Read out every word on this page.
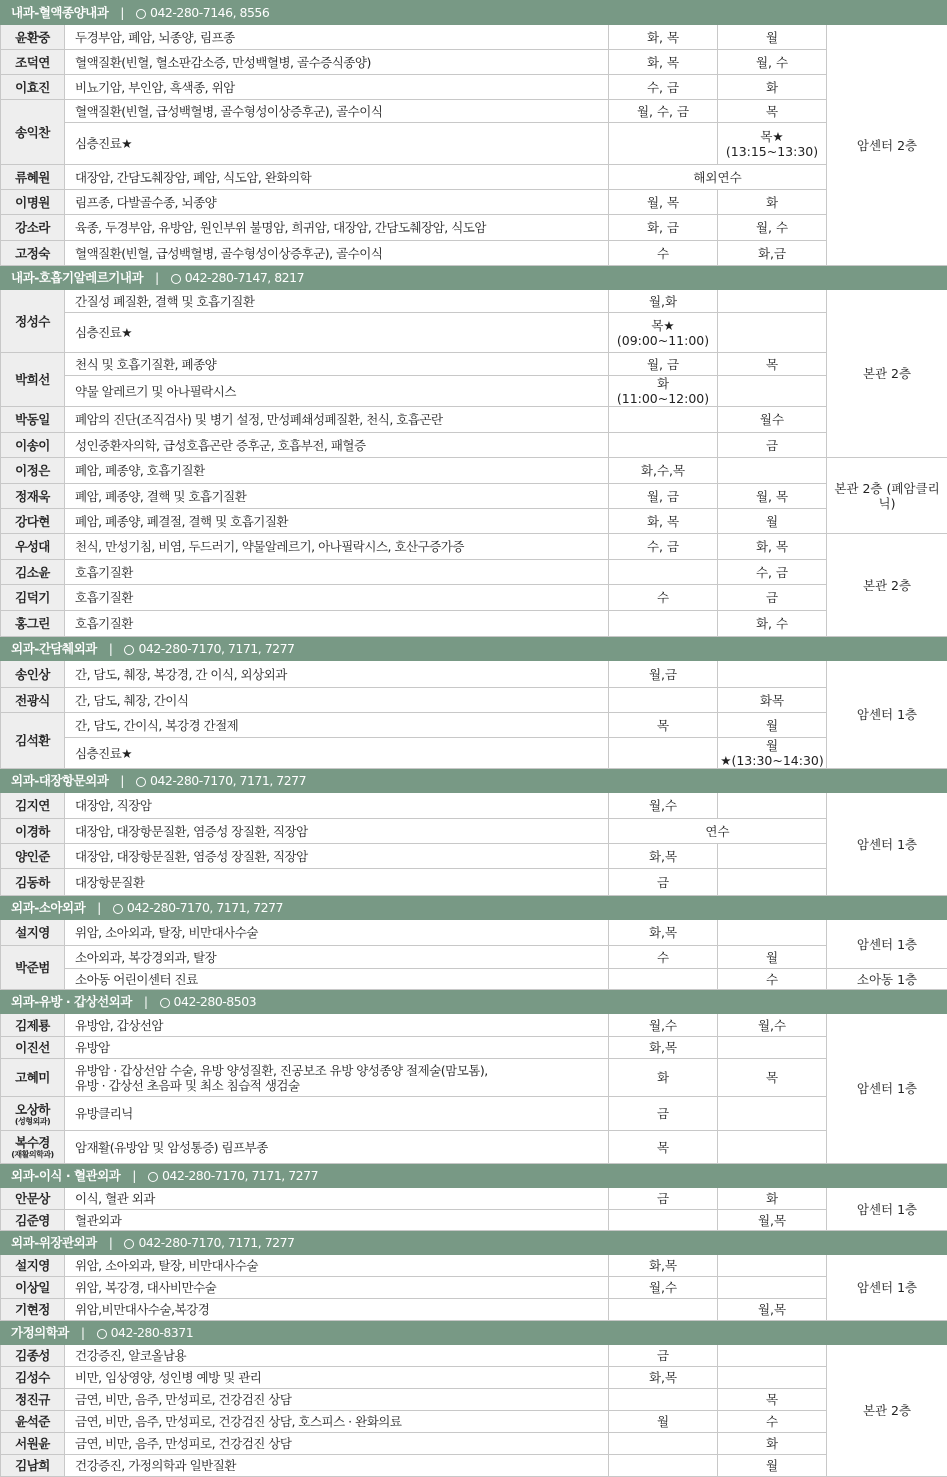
내과-혈액종양내과 | 042-280-7146, 8556				
윤환중	두경부암, 폐암, 뇌종양, 림프종	화, 목	월	암센터 2층
조덕연	혈액질환(빈혈, 혈소판감소증, 만성백혈병, 골수증식종양)	화, 목	월, 수	
이효진	비뇨기암, 부인암, 흑색종, 위암	수, 금	화	
송익찬	혈액질환(빈혈, 급성백혈병, 골수형성이상증후군), 골수이식	월, 수, 금	목	

	심층진료★		목★ (13:15~13:30)	
류혜원	대장암, 간담도췌장암, 폐암, 식도암, 완화의학	해외연수		
이명원	림프종, 다발골수종, 뇌종양	월, 목	화	
강소라	육종, 두경부암, 유방암, 원인부위 불명암, 희귀암, 대장암, 간담도췌장암, 식도암	화, 금	월, 수	
고정숙	혈액질환(빈혈, 급성백혈병, 골수형성이상증후군), 골수이식	수	화,금	
내과-호흡기알레르기내과 | 042-280-7147, 8217				
정성수	간질성 폐질환, 결핵 및 호흡기질환	월,화		본관 2층

	심층진료★	목★ (09:00~11:00)		
박희선	천식 및 호흡기질환, 폐종양	월, 금	목	

	약물 알레르기 및 아나필락시스	화(11:00~12:00)		
박동일	폐암의 진단(조직검사) 및 병기 설정, 만성폐쇄성폐질환, 천식, 호흡곤란		월수	
이송이	성인중환자의학, 급성호흡곤란 증후군, 호흡부전, 패혈증		금	
이정은	폐암, 폐종양, 호흡기질환	화,수,목		본관 2층 (폐암클리닉)
정재욱	폐암, 폐종양, 결핵 및 호흡기질환	월, 금	월, 목	
강다현	폐암, 폐종양, 폐결절, 결핵 및 호흡기질환	화, 목	월	
우성대	천식, 만성기침, 비염, 두드러기, 약물알레르기, 아나필락시스, 호산구증가증	수, 금	화, 목	본관 2층
김소윤	호흡기질환		수, 금	
김덕기	호흡기질환	수	금	
홍그린	호흡기질환		화, 수	
외과-간담췌외과 | 042-280-7170, 7171, 7277				
송인상	간, 담도, 췌장, 복강경, 간 이식, 외상외과	월,금		암센터 1층
전광식	간, 담도, 췌장, 간이식		화목	
김석환	간, 담도, 간이식, 복강경 간절제	목	월	

	심층진료★		월★(13:30~14:30)	
외과-대장항문외과 | 042-280-7170, 7171, 7277				
김지연	대장암, 직장암	월,수		암센터 1층
이경하	대장암, 대장항문질환, 염증성 장질환, 직장암	연수		
양인준	대장암, 대장항문질환, 염증성 장질환, 직장암	화,목		
김동하	대장항문질환	금		
외과-소아외과 | 042-280-7170, 7171, 7277				
설지영	위암, 소아외과, 탈장, 비만대사수술	화,목		암센터 1층
박준범	소아외과, 복강경외과, 탈장	수	월	

	소아동 어린이센터 진료		수	소아동 1층
외과-유방 · 갑상선외과 | 042-280-8503				
김제룡	유방암, 갑상선암	월,수	월,수	암센터 1층
이진선	유방암	화,목		
고혜미	유방암 · 갑상선암 수술, 유방 양성질환, 진공보조 유방 양성종양 절제술(맘모톰),
유방 · 갑상선 초음파 및 최소 침습적 생검술	화	목	
오상하
(성형외과)	유방클리닉	금		
복수경
(재활의학과)	암재활(유방암 및 암성통증) 림프부종	목		
외과-이식 · 혈관외과 | 042-280-7170, 7171, 7277				
안문상	이식, 혈관 외과	금	화	암센터 1층
김준영	혈관외과		월,목	
외과-위장관외과 | 042-280-7170, 7171, 7277				
설지영	위암, 소아외과, 탈장, 비만대사수술	화,목		암센터 1층
이상일	위암, 복강경, 대사비만수술	월,수		
기현정	위암,비만대사수술,복강경		월,목	
가정의학과 | 042-280-8371				
김종성	건강증진, 알코올남용	금		본관 2층
김성수	비만, 임상영양, 성인병 예방 및 관리	화,목		
정진규	금연, 비만, 음주, 만성피로, 건강검진 상담		목	
윤석준	금연, 비만, 음주, 만성피로, 건강검진 상담, 호스피스 · 완화의료	월	수	
서원윤	금연, 비만, 음주, 만성피로, 건강검진 상담		화	
김남희	건강증진, 가정의학과 일반질환		월	
